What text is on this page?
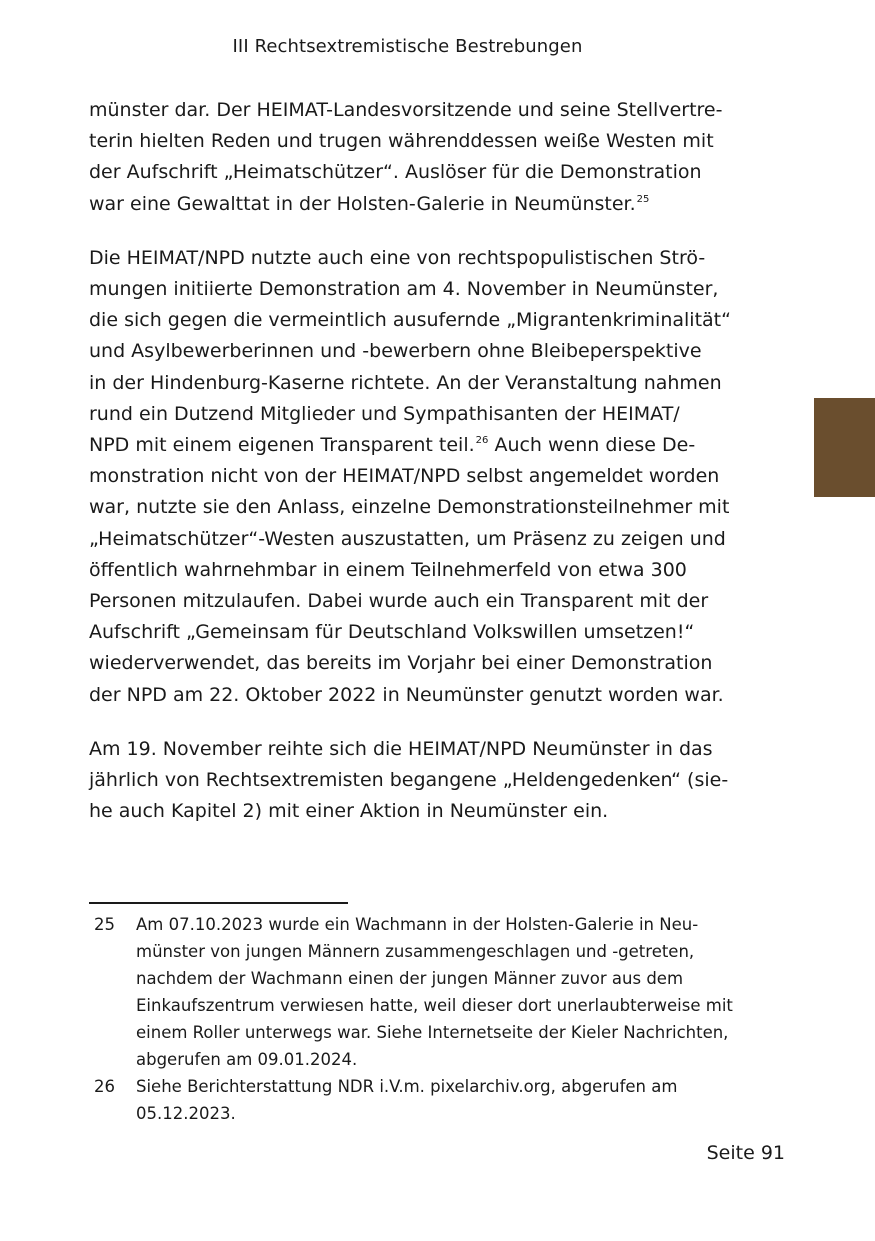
III Rechtsextremistische Bestrebungen

münster dar. Der HEIMAT-Landesvorsitzende und seine Stellvertre-
terin hielten Reden und trugen währenddessen weiße Westen mit
der Aufschrift „Heimatschützer“. Auslöser für die Demonstration
war eine Gewalttat in der Holsten-Galerie in Neumünster.$^{25}$

Die HEIMAT/NPD nutzte auch eine von rechtspopulistischen Strö-
mungen initiierte Demonstration am 4. November in Neumünster,
die sich gegen die vermeintlich ausufernde „Migrantenkriminalität“
und Asylbewerberinnen und -bewerbern ohne Bleibeperspektive
in der Hindenburg-Kaserne richtete. An der Veranstaltung nahmen
rund ein Dutzend Mitglieder und Sympathisanten der HEIMAT/
NPD mit einem eigenen Transparent teil.$^{26}$ Auch wenn diese De-
monstration nicht von der HEIMAT/NPD selbst angemeldet worden
war, nutzte sie den Anlass, einzelne Demonstrationsteilnehmer mit
„Heimatschützer“-Westen auszustatten, um Präsenz zu zeigen und
öffentlich wahrnehmbar in einem Teilnehmerfeld von etwa 300
Personen mitzulaufen. Dabei wurde auch ein Transparent mit der
Aufschrift „Gemeinsam für Deutschland Volkswillen umsetzen!“
wiederverwendet, das bereits im Vorjahr bei einer Demonstration
der NPD am 22. Oktober 2022 in Neumünster genutzt worden war.

Am 19. November reihte sich die HEIMAT/NPD Neumünster in das
jährlich von Rechtsextremisten begangene „Heldengedenken“ (sie-
he auch Kapitel 2) mit einer Aktion in Neumünster ein.

25 Am 07.10.2023 wurde ein Wachmann in der Holsten-Galerie in Neu-
münster von jungen Männern zusammengeschlagen und -getreten,
nachdem der Wachmann einen der jungen Männer zuvor aus dem
Einkaufszentrum verwiesen hatte, weil dieser dort unerlaubterweise mit
einem Roller unterwegs war. Siehe Internetseite der Kieler Nachrichten,
abgerufen am 09.01.2024.
26 Siehe Berichterstattung NDR i.V.m. pixelarchiv.org, abgerufen am
05.12.2023.
Seite 91
